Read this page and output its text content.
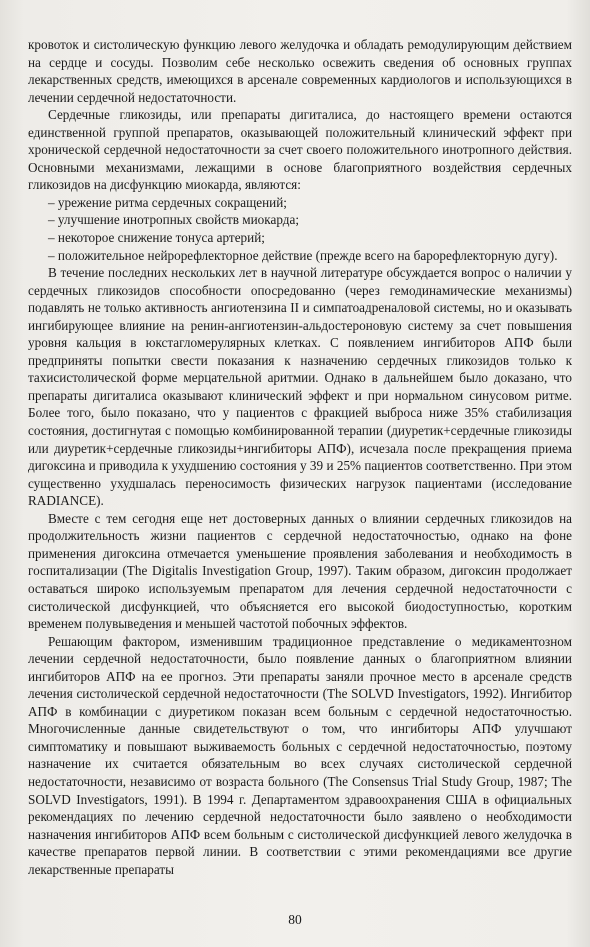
кровоток и систолическую функцию левого желудочка и обладать ремодулирующим действием на сердце и сосуды. Позволим себе несколько освежить сведения об основных группах лекарственных средств, имеющихся в арсенале современных кардиологов и использующихся в лечении сердечной недостаточности.

Сердечные гликозиды, или препараты дигиталиса, до настоящего времени остаются единственной группой препаратов, оказывающей положительный клинический эффект при хронической сердечной недостаточности за счет своего положительного инотропного действия. Основными механизмами, лежащими в основе благоприятного воздействия сердечных гликозидов на дисфункцию миокарда, являются:

– урежение ритма сердечных сокращений;
– улучшение инотропных свойств миокарда;
– некоторое снижение тонуса артерий;
– положительное нейрорефлекторное действие (прежде всего на барорефлекторную дугу).

В течение последних нескольких лет в научной литературе обсуждается вопрос о наличии у сердечных гликозидов способности опосредованно (через гемодинамические механизмы) подавлять не только активность ангиотензина II и симпатоадреналовой системы, но и оказывать ингибирующее влияние на ренин-ангиотензин-альдостероновую систему за счет повышения уровня кальция в юкстагломерулярных клетках. С появлением ингибиторов АПФ были предприняты попытки свести показания к назначению сердечных гликозидов только к тахисистолической форме мерцательной аритмии. Однако в дальнейшем было доказано, что препараты дигиталиса оказывают клинический эффект и при нормальном синусовом ритме. Более того, было показано, что у пациентов с фракцией выброса ниже 35% стабилизация состояния, достигнутая с помощью комбинированной терапии (диуретик+сердечные гликозиды или диуретик+сердечные гликозиды+ингибиторы АПФ), исчезала после прекращения приема дигоксина и приводила к ухудшению состояния у 39 и 25% пациентов соответственно. При этом существенно ухудшалась переносимость физических нагрузок пациентами (исследование RADIANCE).

Вместе с тем сегодня еще нет достоверных данных о влиянии сердечных гликозидов на продолжительность жизни пациентов с сердечной недостаточностью, однако на фоне применения дигоксина отмечается уменьшение проявления заболевания и необходимость в госпитализации (The Digitalis Investigation Group, 1997). Таким образом, дигоксин продолжает оставаться широко используемым препаратом для лечения сердечной недостаточности с систолической дисфункцией, что объясняется его высокой биодоступностью, коротким временем полувыведения и меньшей частотой побочных эффектов.

Решающим фактором, изменившим традиционное представление о медикаментозном лечении сердечной недостаточности, было появление данных о благоприятном влиянии ингибиторов АПФ на ее прогноз. Эти препараты заняли прочное место в арсенале средств лечения систолической сердечной недостаточности (The SOLVD Investigators, 1992). Ингибитор АПФ в комбинации с диуретиком показан всем больным с сердечной недостаточностью. Многочисленные данные свидетельствуют о том, что ингибиторы АПФ улучшают симптоматику и повышают выживаемость больных с сердечной недостаточностью, поэтому назначение их считается обязательным во всех случаях систолической сердечной недостаточности, независимо от возраста больного (The Consensus Trial Study Group, 1987; The SOLVD Investigators, 1991). В 1994 г. Департаментом здравоохранения США в официальных рекомендациях по лечению сердечной недостаточности было заявлено о необходимости назначения ингибиторов АПФ всем больным с систолической дисфункцией левого желудочка в качестве препаратов первой линии. В соответствии с этими рекомендациями все другие лекарственные препараты

80
